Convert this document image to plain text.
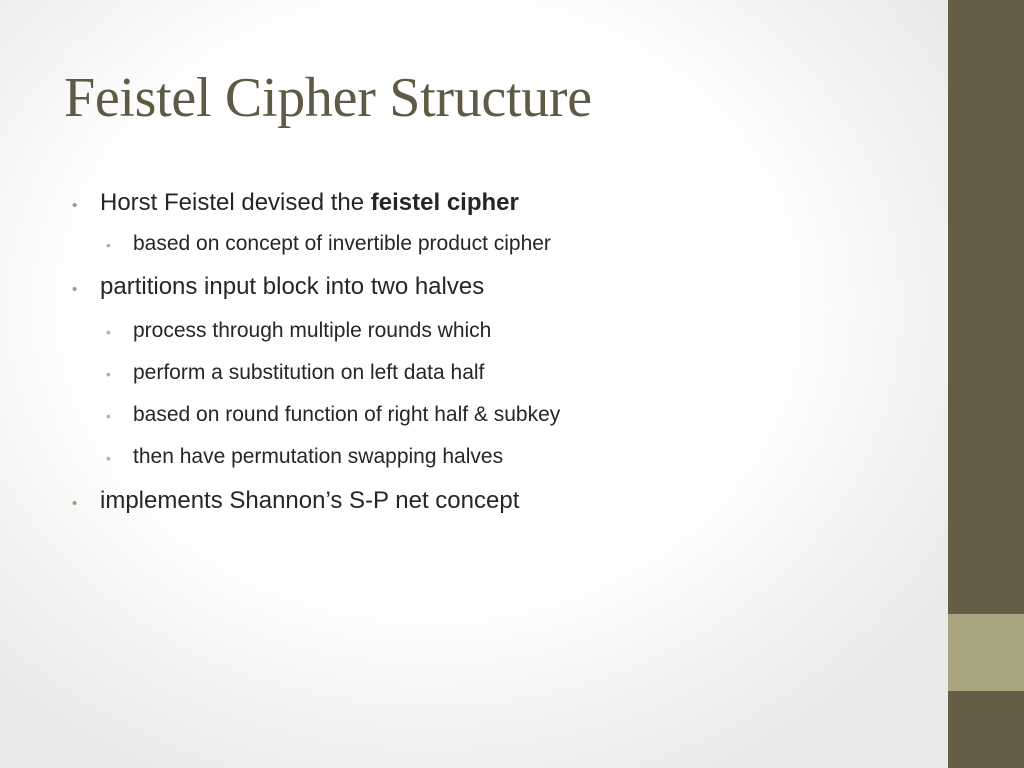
Feistel Cipher Structure
• Horst Feistel devised the feistel cipher
•	based on concept of invertible product cipher
• partitions input block into two halves
•	process through multiple rounds which
•	perform a substitution on left data half
•	based on round function of right half & subkey
•	then have permutation swapping halves
• implements Shannon’s S-P net concept
